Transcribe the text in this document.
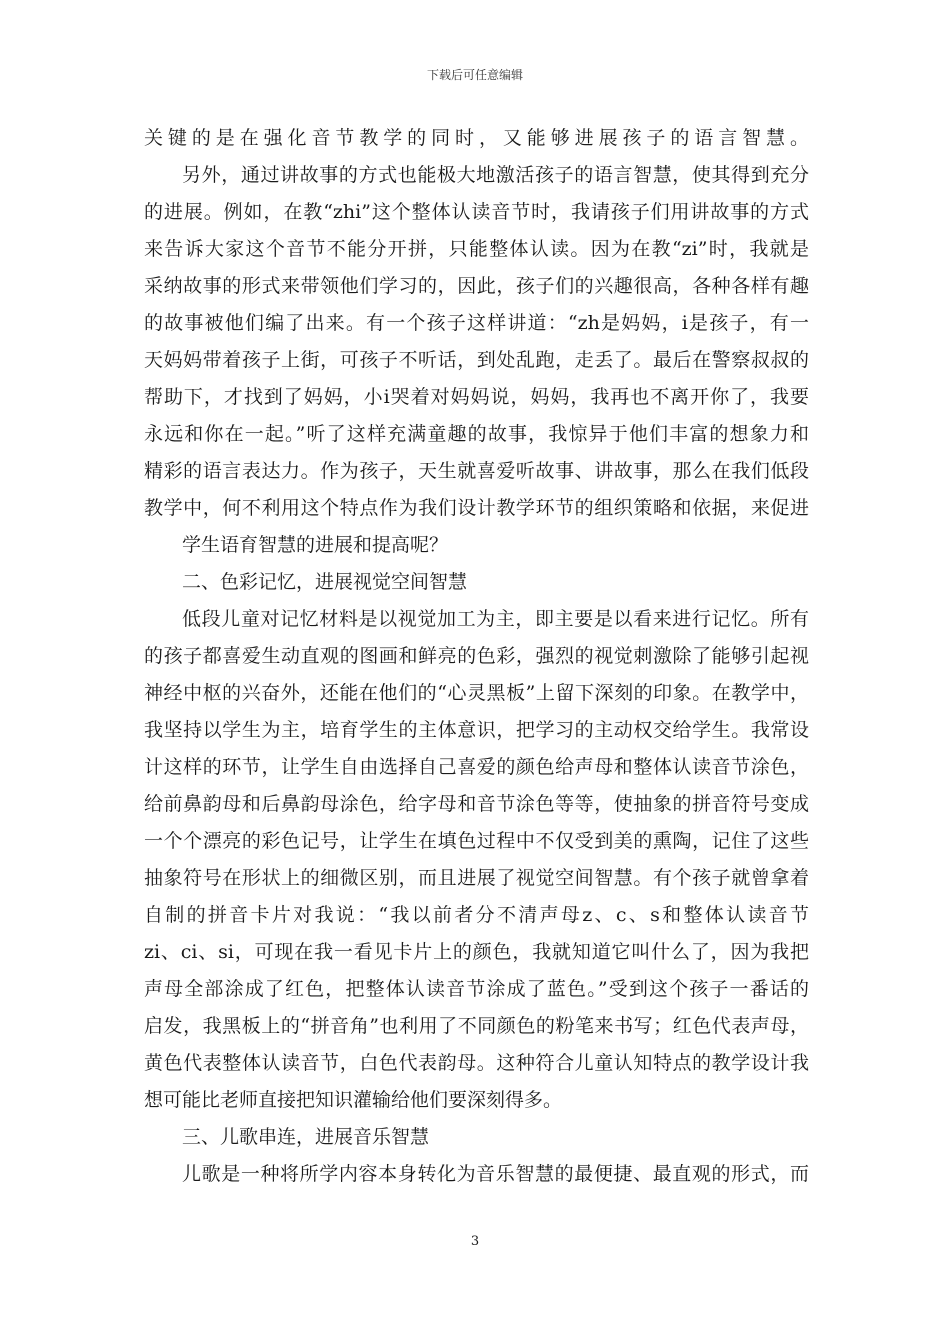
下载后可任意编辑
关键的是在强化音节教学的同时，又能够进展孩子的语言智慧。
另外，通过讲故事的方式也能极大地激活孩子的语言智慧，使其得到充分
的进展。例如，在教“zhi”这个整体认读音节时，我请孩子们用讲故事的方式
来告诉大家这个音节不能分开拼，只能整体认读。因为在教“zi”时，我就是
采纳故事的形式来带领他们学习的，因此，孩子们的兴趣很高，各种各样有趣
的故事被他们编了出来。有一个孩子这样讲道：“zh是妈妈，i是孩子，有一
天妈妈带着孩子上街，可孩子不听话，到处乱跑，走丢了。最后在警察叔叔的
帮助下，才找到了妈妈，小i哭着对妈妈说，妈妈，我再也不离开你了，我要
永远和你在一起。”听了这样充满童趣的故事，我惊异于他们丰富的想象力和
精彩的语言表达力。作为孩子，天生就喜爱听故事、讲故事，那么在我们低段
教学中，何不利用这个特点作为我们设计教学环节的组织策略和依据，来促进
学生语育智慧的进展和提高呢？
二、色彩记忆，进展视觉空间智慧
低段儿童对记忆材料是以视觉加工为主，即主要是以看来进行记忆。所有
的孩子都喜爱生动直观的图画和鲜亮的色彩，强烈的视觉刺激除了能够引起视
神经中枢的兴奋外，还能在他们的“心灵黑板”上留下深刻的印象。在教学中，
我坚持以学生为主，培育学生的主体意识，把学习的主动权交给学生。我常设
计这样的环节，让学生自由选择自己喜爱的颜色给声母和整体认读音节涂色，
给前鼻韵母和后鼻韵母涂色，给字母和音节涂色等等，使抽象的拼音符号变成
一个个漂亮的彩色记号，让学生在填色过程中不仅受到美的熏陶，记住了这些
抽象符号在形状上的细微区别，而且进展了视觉空间智慧。有个孩子就曾拿着
自制的拼音卡片对我说：“我以前者分不清声母z、c、s和整体认读音节
zi、ci、si，可现在我一看见卡片上的颜色，我就知道它叫什么了，因为我把
声母全部涂成了红色，把整体认读音节涂成了蓝色。”受到这个孩子一番话的
启发，我黑板上的“拼音角”也利用了不同颜色的粉笔来书写；红色代表声母，
黄色代表整体认读音节，白色代表韵母。这种符合儿童认知特点的教学设计我
想可能比老师直接把知识灌输给他们要深刻得多。
三、儿歌串连，进展音乐智慧
儿歌是一种将所学内容本身转化为音乐智慧的最便捷、最直观的形式，而
3
